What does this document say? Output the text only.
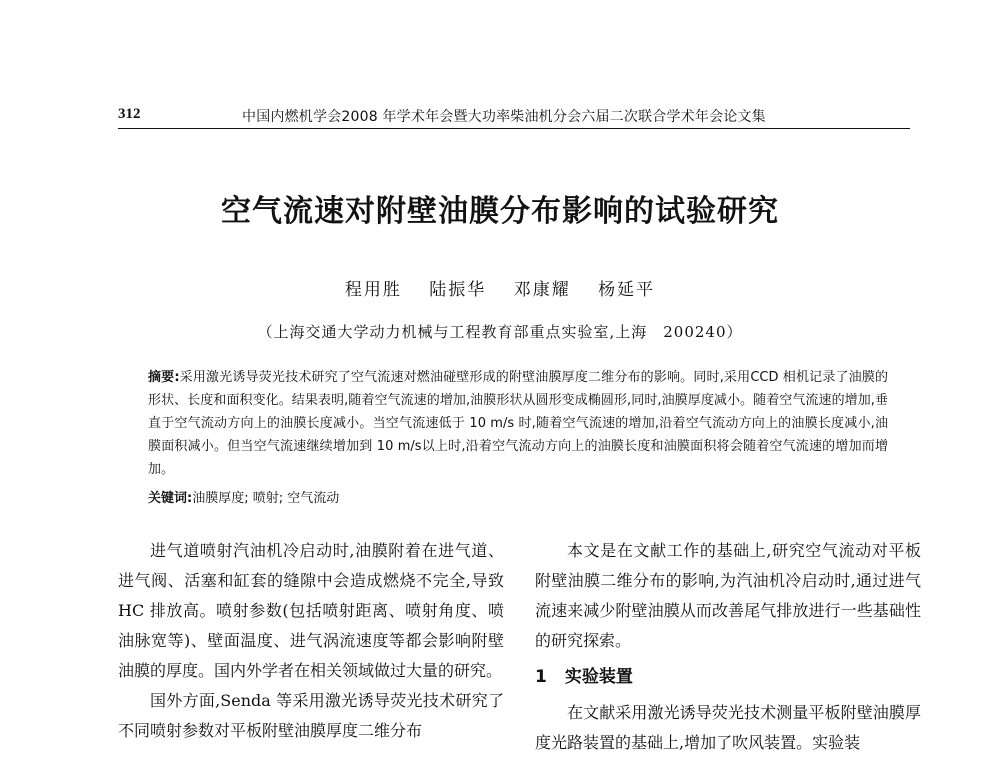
312	中国内燃机学会2008 年学术年会暨大功率柴油机分会六届二次联合学术年会论文集
空气流速对附壁油膜分布影响的试验研究
程用胜 陆振华 邓康耀 杨延平
（上海交通大学动力机械与工程教育部重点实验室,上海　200240）
摘要:采用激光诱导荧光技术研究了空气流速对燃油碰壁形成的附壁油膜厚度二维分布的影响。同时,采用CCD 相机记录了油膜的形状、长度和面积变化。结果表明,随着空气流速的增加,油膜形状从圆形变成椭圆形,同时,油膜厚度减小。随着空气流速的增加,垂直于空气流动方向上的油膜长度减小。当空气流速低于 10 m/s 时,随着空气流速的增加,沿着空气流动方向上的油膜长度减小,油膜面积减小。但当空气流速继续增加到 10 m/s以上时,沿着空气流动方向上的油膜长度和油膜面积将会随着空气流速的增加而增加。
关键词:油膜厚度; 喷射; 空气流动

进气道喷射汽油机冷启动时,油膜附着在进气道、进气阀、活塞和缸套的缝隙中会造成燃烧不完全,导致 HC 排放高。喷射参数(包括喷射距离、喷射角度、喷油脉宽等)、壁面温度、进气涡流速度等都会影响附壁油膜的厚度。国内外学者在相关领域做过大量的研究。

国外方面,Senda 等采用激光诱导荧光技术研究了不同喷射参数对平板附壁油膜厚度二维分布

本文是在文献工作的基础上,研究空气流动对平板附壁油膜二维分布的影响,为汽油机冷启动时,通过进气流速来减少附壁油膜从而改善尾气排放进行一些基础性的研究探索。

1 实验装置

在文献采用激光诱导荧光技术测量平板附壁油膜厚度光路装置的基础上,增加了吹风装置。实验装
